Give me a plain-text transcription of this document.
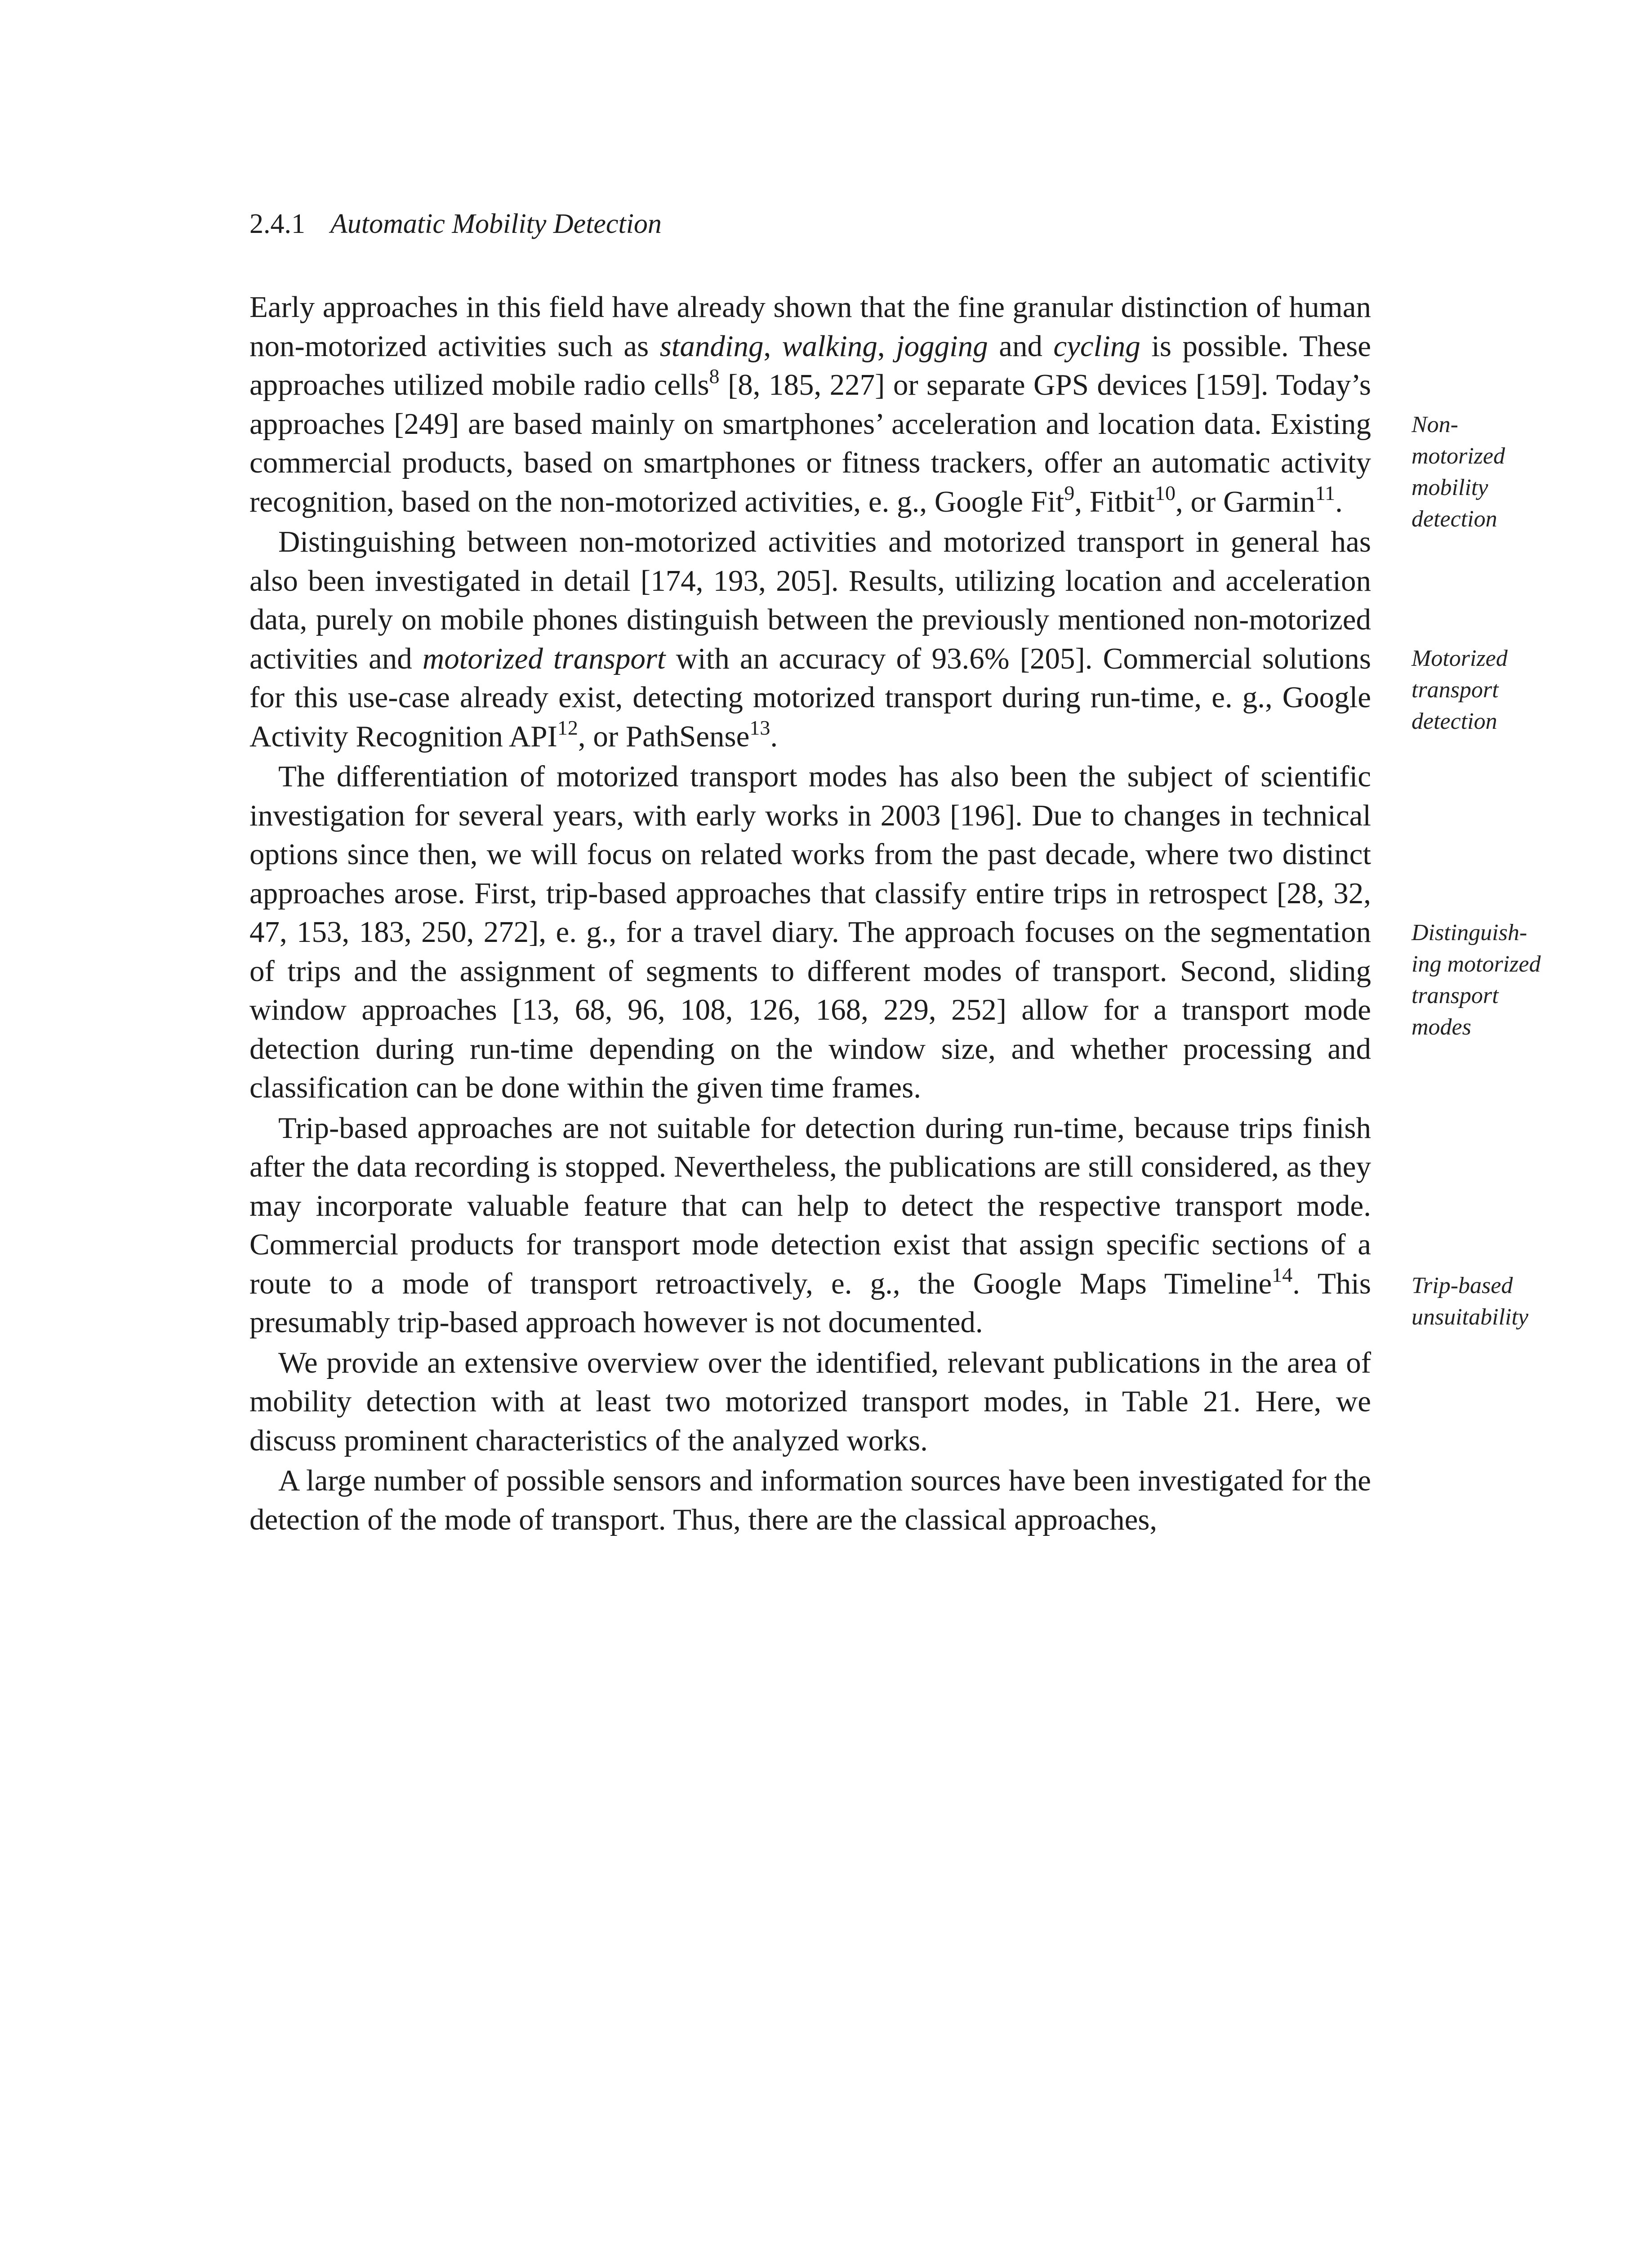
2.4.1 Automatic Mobility Detection

Early approaches in this field have already shown that the fine granular distinction of human non-motorized activities such as standing, walking, jogging and cycling is possible. These approaches utilized mobile radio cells$^8$ [8, 185, 227] or separate GPS devices [159]. Today’s approaches [249] are based mainly on smartphones’ acceleration and location data. Existing commercial products, based on smartphones or fitness trackers, offer an automatic activity recognition, based on the non-motorized activities, e. g., Google Fit$^9$, Fitbit$^{10}$, or Garmin$^{11}$.

Distinguishing between non-motorized activities and motorized transport in general has also been investigated in detail [174, 193, 205]. Results, utilizing location and acceleration data, purely on mobile phones distinguish between the previously mentioned non-motorized activities and motorized transport with an accuracy of 93.6% [205]. Commercial solutions for this use-case already exist, detecting motorized transport during run-time, e. g., Google Activity Recognition API$^{12}$, or PathSense$^{13}$.

The differentiation of motorized transport modes has also been the subject of scientific investigation for several years, with early works in 2003 [196]. Due to changes in technical options since then, we will focus on related works from the past decade, where two distinct approaches arose. First, trip-based approaches that classify entire trips in retrospect [28, 32, 47, 153, 183, 250, 272], e. g., for a travel diary. The approach focuses on the segmentation of trips and the assignment of segments to different modes of transport. Second, sliding window approaches [13, 68, 96, 108, 126, 168, 229, 252] allow for a transport mode detection during run-time depending on the window size, and whether processing and classification can be done within the given time frames.

Trip-based approaches are not suitable for detection during run-time, because trips finish after the data recording is stopped. Nevertheless, the publications are still considered, as they may incorporate valuable feature that can help to detect the respective transport mode. Commercial products for transport mode detection exist that assign specific sections of a route to a mode of transport retroactively, e. g., the Google Maps Timeline$^{14}$. This presumably trip-based approach however is not documented.

We provide an extensive overview over the identified, relevant publications in the area of mobility detection with at least two motorized transport modes, in Table 21. Here, we discuss prominent characteristics of the analyzed works.

A large number of possible sensors and information sources have been investigated for the detection of the mode of transport. Thus, there are the classical approaches,

Non-
motorized
mobility
detection
Motorized
transport
detection
Distinguish-
ing motorized
transport
modes
Trip-based
unsuitability
